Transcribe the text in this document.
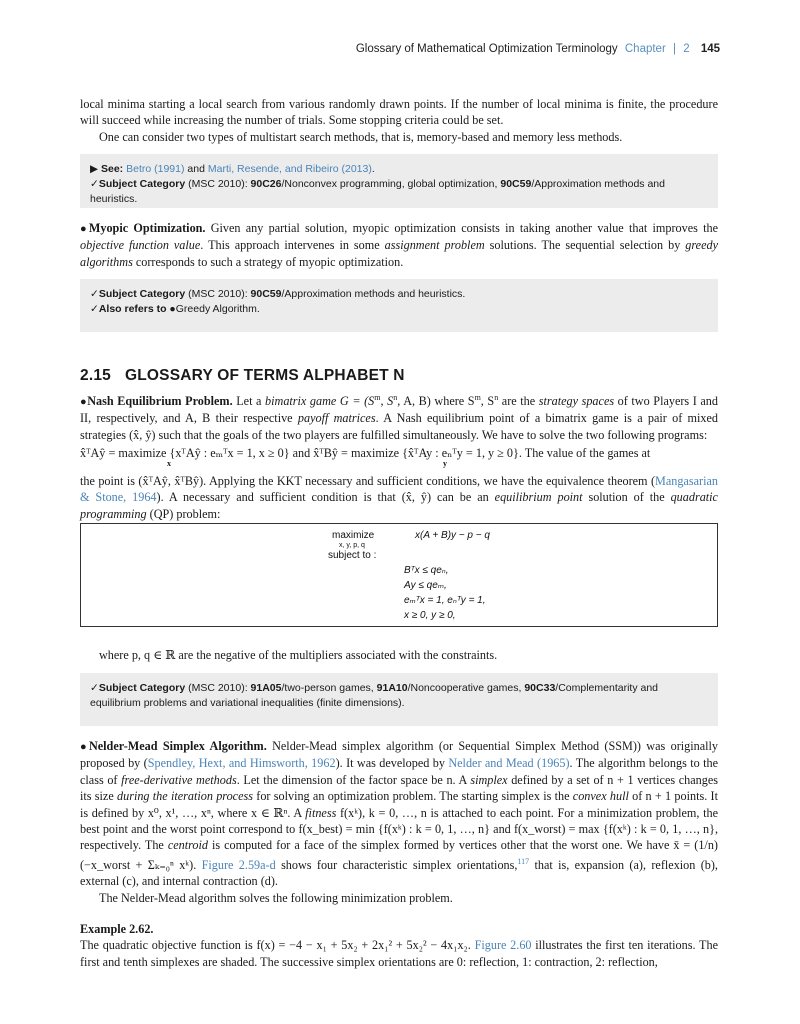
Glossary of Mathematical Optimization Terminology Chapter | 2 145

local minima starting a local search from various randomly drawn points. If the number of local minima is finite, the procedure will succeed while increasing the number of trials. Some stopping criteria could be set.

One can consider two types of multistart search methods, that is, memory-based and memory less methods.

▶ See: Betro (1991) and Marti, Resende, and Ribeiro (2013).
✓Subject Category (MSC 2010): 90C26/Nonconvex programming, global optimization, 90C59/Approximation methods and heuristics.

●Myopic Optimization. Given any partial solution, myopic optimization consists in taking another value that improves the objective function value. This approach intervenes in some assignment problem solutions. The sequential selection by greedy algorithms corresponds to such a strategy of myopic optimization.

✓Subject Category (MSC 2010): 90C59/Approximation methods and heuristics.
✓Also refers to ●Greedy Algorithm.
2.15 GLOSSARY OF TERMS ALPHABET N

●Nash Equilibrium Problem. Let a bimatrix game $G = (S^m$, $S^n$, A, B) where $S^m$, $S^n$ are the strategy spaces of two Players I and II, respectively, and A, B their respective payoff matrices. A Nash equilibrium point of a bimatrix game is a pair of mixed strategies (x̂, ŷ) such that the goals of the two players are fulfilled simultaneously. We have to solve the two following programs:

x̂ᵀAŷ = maximize {xᵀAŷ : eₘᵀx = 1, x ≥ 0} and x̂ᵀBŷ = maximize {x̂ᵀAy : eₙᵀy = 1, y ≥ 0}. The value of the games at

x	y

the point is (x̂ᵀAŷ, x̂ᵀBŷ). Applying the KKT necessary and sufficient conditions, we have the equivalence theorem (Mangasarian & Stone, 1964). A necessary and sufficient condition is that (x̂, ŷ) can be an equilibrium point solution of the quadratic programming (QP) problem:

maximize
x, y, p, q
x(A + B)y − p − q
subject to :
Bᵀx ≤ qeₙ,
Ay ≤ qeₘ,
eₘᵀx = 1, eₙᵀy = 1,
x ≥ 0, y ≥ 0,

where p, q ∈ ℝ are the negative of the multipliers associated with the constraints.

✓Subject Category (MSC 2010): 91A05/two-person games, 91A10/Noncooperative games, 90C33/Complementarity and equilibrium problems and variational inequalities (finite dimensions).

●Nelder-Mead Simplex Algorithm. Nelder-Mead simplex algorithm (or Sequential Simplex Method (SSM)) was originally proposed by (Spendley, Hext, and Himsworth, 1962). It was developed by Nelder and Mead (1965). The algorithm belongs to the class of free-derivative methods. Let the dimension of the factor space be n. A simplex defined by a set of n + 1 vertices changes its size during the iteration process for solving an optimization problem. The starting simplex is the convex hull of n + 1 points. It is defined by x⁰, x¹, …, xⁿ, where x ∈ ℝⁿ. A fitness f(xᵏ), k = 0, …, n is attached to each point. For a minimization problem, the best point and the worst point correspond to f(x_best) = min {f(xᵏ) : k = 0, 1, …, n} and f(x_worst) = max {f(xᵏ) : k = 0, 1, …, n}, respectively. The centroid is computed for a face of the simplex formed by vertices other that the worst one. We have x̄ = (1/n)(−x_worst + Σₖ₌₀ⁿ xᵏ). Figure 2.59a-d shows four characteristic simplex orientations,$^{117}$ that is, expansion (a), reflexion (b), external (c), and internal contraction (d).

The Nelder-Mead algorithm solves the following minimization problem.

Example 2.62.

The quadratic objective function is f(x) = −4 − x₁ + 5x₂ + 2x₁² + 5x₂² − 4x₁x₂. Figure 2.60 illustrates the first ten iterations. The first and tenth simplexes are shaded. The successive simplex orientations are 0: reflection, 1: contraction, 2: reflection,
